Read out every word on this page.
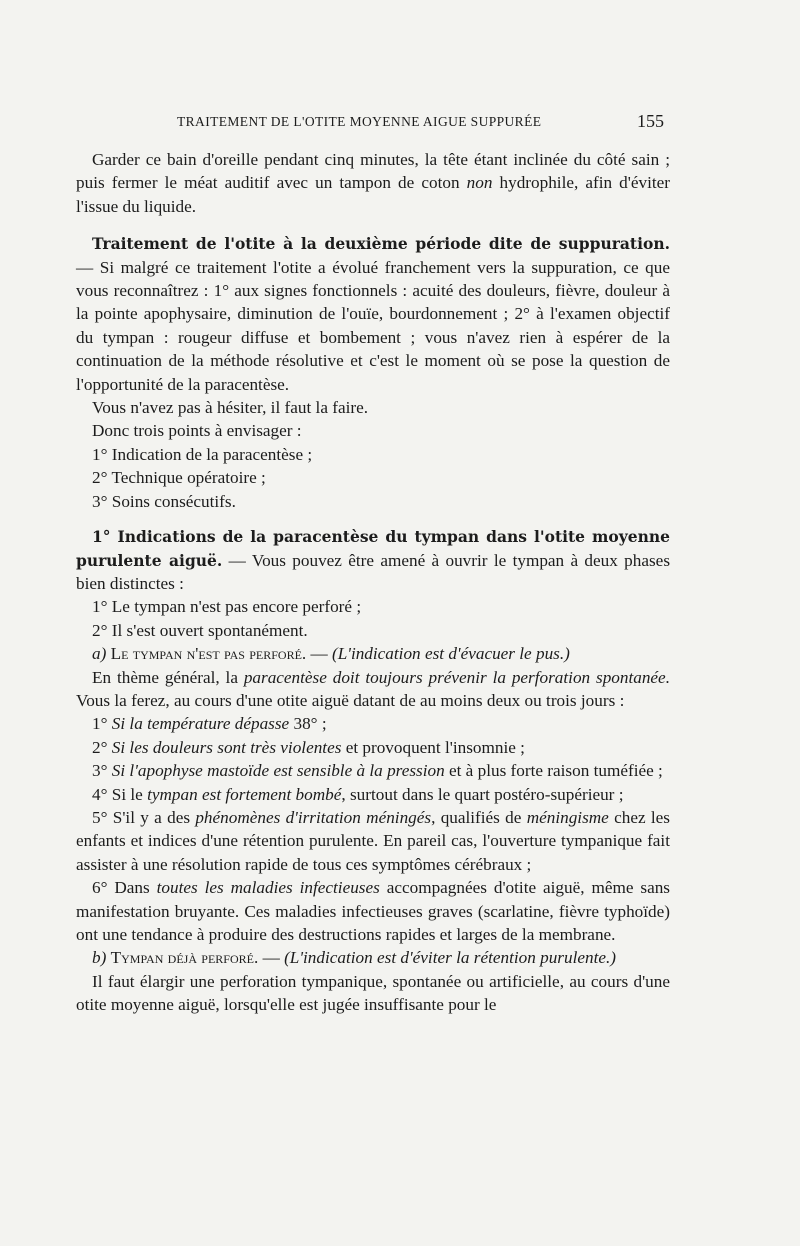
TRAITEMENT DE L'OTITE MOYENNE AIGUE SUPPURÉE	155

Garder ce bain d'oreille pendant cinq minutes, la tête étant inclinée du côté sain ; puis fermer le méat auditif avec un tampon de coton non hydrophile, afin d'éviter l'issue du liquide.

Traitement de l'otite à la deuxième période dite de suppuration. — Si malgré ce traitement l'otite a évolué franchement vers la suppuration, ce que vous reconnaîtrez : 1° aux signes fonctionnels : acuité des douleurs, fièvre, douleur à la pointe apophysaire, diminution de l'ouïe, bourdonnement ; 2° à l'examen objectif du tympan : rougeur diffuse et bombement ; vous n'avez rien à espérer de la continuation de la méthode résolutive et c'est le moment où se pose la question de l'opportunité de la paracentèse.

Vous n'avez pas à hésiter, il faut la faire.

Donc trois points à envisager :

1° Indication de la paracentèse ;

2° Technique opératoire ;

3° Soins consécutifs.

1° Indications de la paracentèse du tympan dans l'otite moyenne purulente aiguë. — Vous pouvez être amené à ouvrir le tympan à deux phases bien distinctes :

1° Le tympan n'est pas encore perforé ;

2° Il s'est ouvert spontanément.

a) Le tympan n'est pas perforé. — (L'indication est d'évacuer le pus.)

En thème général, la paracentèse doit toujours prévenir la perforation spontanée. Vous la ferez, au cours d'une otite aiguë datant de au moins deux ou trois jours :

1° Si la température dépasse 38° ;

2° Si les douleurs sont très violentes et provoquent l'insomnie ;

3° Si l'apophyse mastoïde est sensible à la pression et à plus forte raison tuméfiée ;

4° Si le tympan est fortement bombé, surtout dans le quart postéro-supérieur ;

5° S'il y a des phénomènes d'irritation méningés, qualifiés de méningisme chez les enfants et indices d'une rétention purulente. En pareil cas, l'ouverture tympanique fait assister à une résolution rapide de tous ces symptômes cérébraux ;

6° Dans toutes les maladies infectieuses accompagnées d'otite aiguë, même sans manifestation bruyante. Ces maladies infectieuses graves (scarlatine, fièvre typhoïde) ont une tendance à produire des destructions rapides et larges de la membrane.

b) Tympan déjà perforé. — (L'indication est d'éviter la rétention purulente.)

Il faut élargir une perforation tympanique, spontanée ou artificielle, au cours d'une otite moyenne aiguë, lorsqu'elle est jugée insuffisante pour le
